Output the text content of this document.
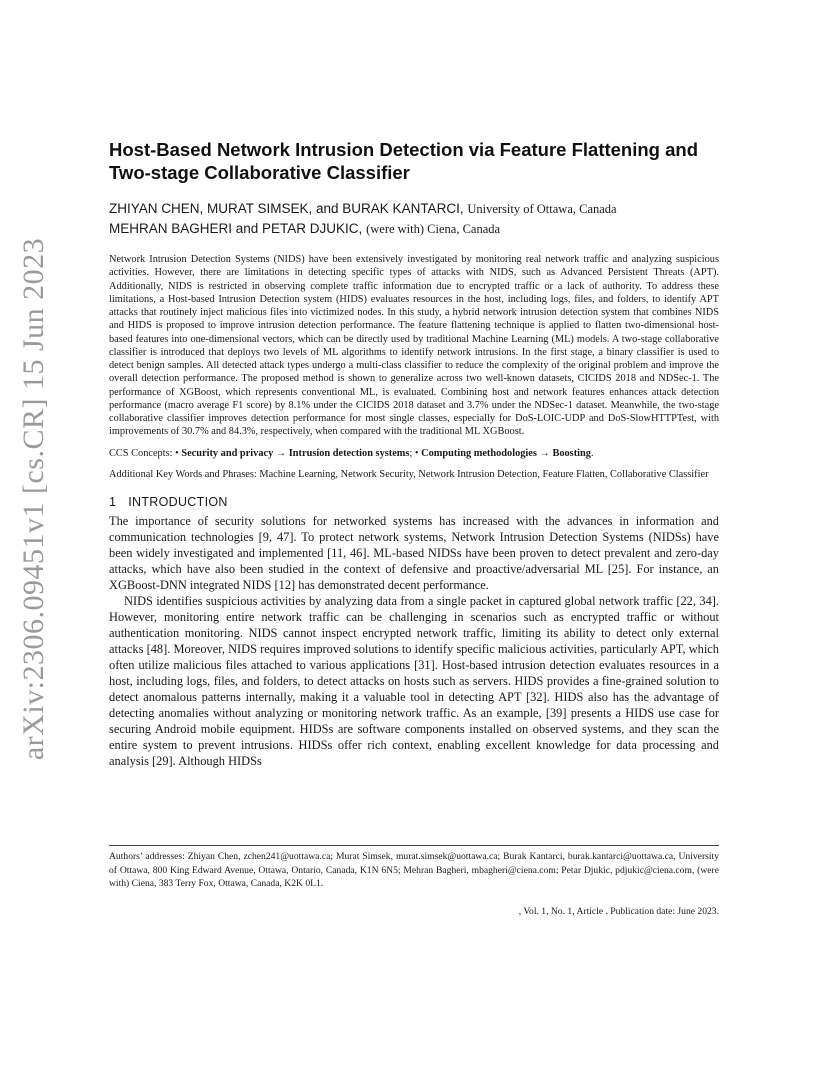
arXiv:2306.09451v1 [cs.CR] 15 Jun 2023
Host-Based Network Intrusion Detection via Feature Flattening and Two-stage Collaborative Classifier
ZHIYAN CHEN, MURAT SIMSEK, and BURAK KANTARCI, University of Ottawa, Canada
MEHRAN BAGHERI and PETAR DJUKIC, (were with) Ciena, Canada
Network Intrusion Detection Systems (NIDS) have been extensively investigated by monitoring real network traffic and analyzing suspicious activities. However, there are limitations in detecting specific types of attacks with NIDS, such as Advanced Persistent Threats (APT). Additionally, NIDS is restricted in observing complete traffic information due to encrypted traffic or a lack of authority. To address these limitations, a Host-based Intrusion Detection system (HIDS) evaluates resources in the host, including logs, files, and folders, to identify APT attacks that routinely inject malicious files into victimized nodes. In this study, a hybrid network intrusion detection system that combines NIDS and HIDS is proposed to improve intrusion detection performance. The feature flattening technique is applied to flatten two-dimensional host-based features into one-dimensional vectors, which can be directly used by traditional Machine Learning (ML) models. A two-stage collaborative classifier is introduced that deploys two levels of ML algorithms to identify network intrusions. In the first stage, a binary classifier is used to detect benign samples. All detected attack types undergo a multi-class classifier to reduce the complexity of the original problem and improve the overall detection performance. The proposed method is shown to generalize across two well-known datasets, CICIDS 2018 and NDSec-1. The performance of XGBoost, which represents conventional ML, is evaluated. Combining host and network features enhances attack detection performance (macro average F1 score) by 8.1% under the CICIDS 2018 dataset and 3.7% under the NDSec-1 dataset. Meanwhile, the two-stage collaborative classifier improves detection performance for most single classes, especially for DoS-LOIC-UDP and DoS-SlowHTTPTest, with improvements of 30.7% and 84.3%, respectively, when compared with the traditional ML XGBoost.
CCS Concepts: • Security and privacy → Intrusion detection systems; • Computing methodologies → Boosting.
Additional Key Words and Phrases: Machine Learning, Network Security, Network Intrusion Detection, Feature Flatten, Collaborative Classifier
1 INTRODUCTION

The importance of security solutions for networked systems has increased with the advances in information and communication technologies [9, 47]. To protect network systems, Network Intrusion Detection Systems (NIDSs) have been widely investigated and implemented [11, 46]. ML-based NIDSs have been proven to detect prevalent and zero-day attacks, which have also been studied in the context of defensive and proactive/adversarial ML [25]. For instance, an XGBoost-DNN integrated NIDS [12] has demonstrated decent performance.

NIDS identifies suspicious activities by analyzing data from a single packet in captured global network traffic [22, 34]. However, monitoring entire network traffic can be challenging in scenarios such as encrypted traffic or without authentication monitoring. NIDS cannot inspect encrypted network traffic, limiting its ability to detect only external attacks [48]. Moreover, NIDS requires improved solutions to identify specific malicious activities, particularly APT, which often utilize malicious files attached to various applications [31]. Host-based intrusion detection evaluates resources in a host, including logs, files, and folders, to detect attacks on hosts such as servers. HIDS provides a fine-grained solution to detect anomalous patterns internally, making it a valuable tool in detecting APT [32]. HIDS also has the advantage of detecting anomalies without analyzing or monitoring network traffic. As an example, [39] presents a HIDS use case for securing Android mobile equipment. HIDSs are software components installed on observed systems, and they scan the entire system to prevent intrusions. HIDSs offer rich context, enabling excellent knowledge for data processing and analysis [29]. Although HIDSs

Authors’ addresses: Zhiyan Chen, zchen241@uottawa.ca; Murat Simsek, murat.simsek@uottawa.ca; Burak Kantarci, burak.kantarci@uottawa.ca, University of Ottawa, 800 King Edward Avenue, Ottawa, Ontario, Canada, K1N 6N5; Mehran Bagheri, mbagheri@ciena.com; Petar Djukic, pdjukic@ciena.com, (were with) Ciena, 383 Terry Fox, Ottawa, Canada, K2K 0L1.
, Vol. 1, No. 1, Article . Publication date: June 2023.
